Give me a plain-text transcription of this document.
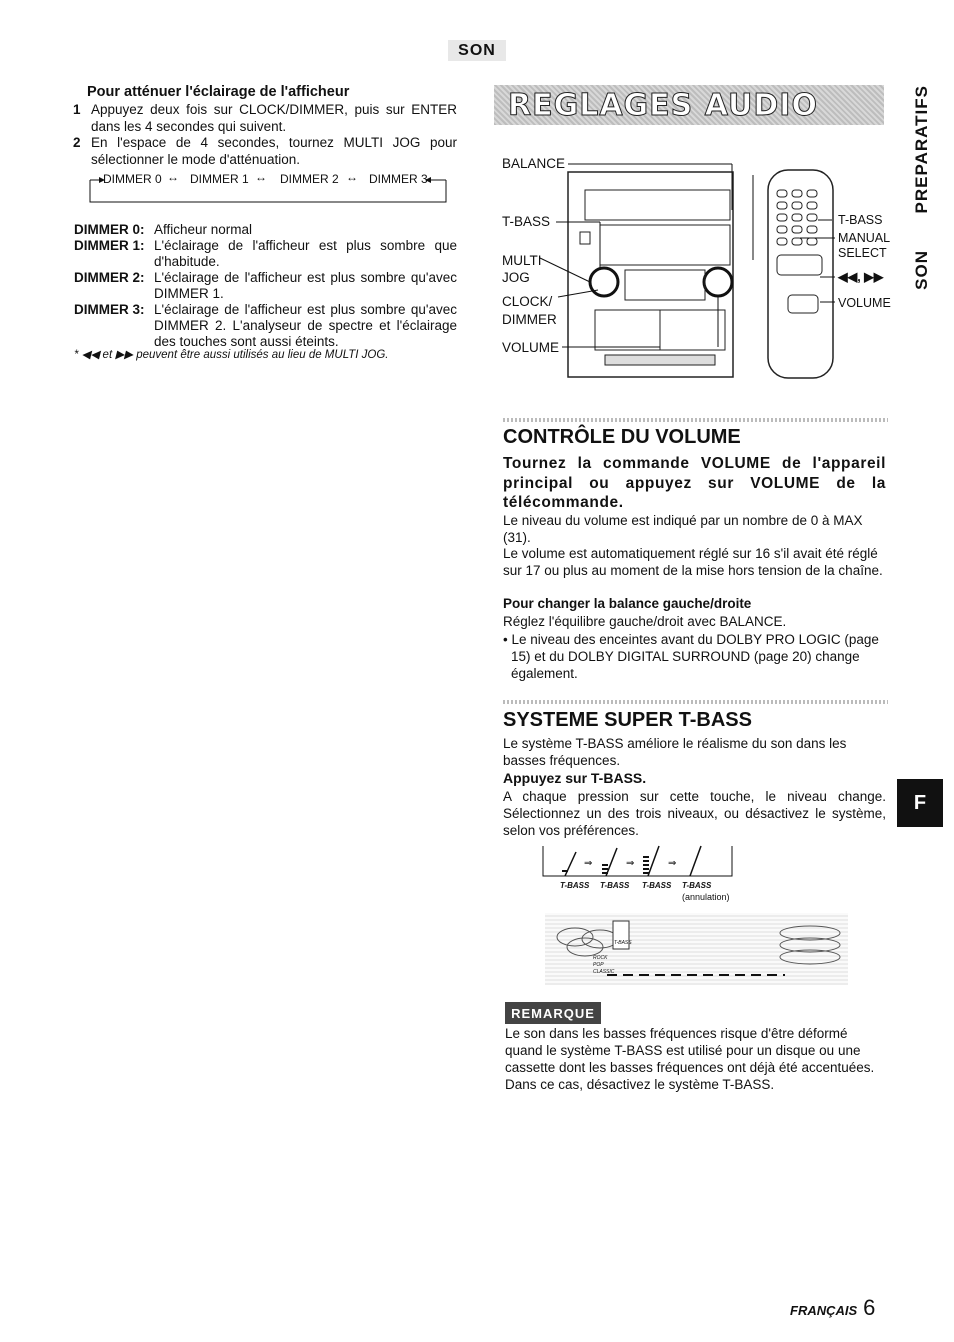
SON
PREPARATIFS
SON
F
Pour atténuer l'éclairage de l'afficheur
1 Appuyez deux fois sur CLOCK/DIMMER, puis sur ENTER dans les 4 secondes qui suivent.
2 En l'espace de 4 secondes, tournez MULTI JOG pour sélectionner le mode d'atténuation.
DIMMER 0 ↔ DIMMER 1 ↔ DIMMER 2 ↔ DIMMER 3
DIMMER 0: Afficheur normal
DIMMER 1: L'éclairage de l'afficheur est plus sombre que d'habitude.
DIMMER 2: L'éclairage de l'afficheur est plus sombre qu'avec DIMMER 1.
DIMMER 3: L'éclairage de l'afficheur est plus sombre qu'avec DIMMER 2. L'analyseur de spectre et l'éclairage des touches sont aussi éteints.
* ◀◀ et ▶▶ peuvent être aussi utilisés au lieu de MULTI JOG.
REGLAGES AUDIO
BALANCE
T-BASS
MULTI
JOG
CLOCK/
DIMMER
VOLUME
T-BASS
MANUAL
SELECT
◀◀, ▶▶
VOLUME
CONTRÔLE DU VOLUME
Tournez la commande VOLUME de l'appareil principal ou appuyez sur VOLUME de la télécommande.
Le niveau du volume est indiqué par un nombre de 0 à MAX (31).
Le volume est automatiquement réglé sur 16 s'il avait été réglé sur 17 ou plus au moment de la mise hors tension de la chaîne.
Pour changer la balance gauche/droite
Réglez l'équilibre gauche/droit avec BALANCE.
• Le niveau des enceintes avant du DOLBY PRO LOGIC (page 15) et du DOLBY DIGITAL SURROUND (page 20) change également.
SYSTEME SUPER T-BASS
Le système T-BASS améliore le réalisme du son dans les basses fréquences.
Appuyez sur T-BASS.
A chaque pression sur cette touche, le niveau change. Sélectionnez un des trois niveaux, ou désactivez le système, selon vos préférences.
⇒	⇒	⇒
T-BASS T-BASS T-BASS T-BASS
(annulation)
T-BASS
ROCK
POP
CLASSIC
REMARQUE
Le son dans les basses fréquences risque d'être déformé quand le système T-BASS est utilisé pour un disque ou une cassette dont les basses fréquences ont déjà été accentuées. Dans ce cas, désactivez le système T-BASS.
FRANÇAIS 6
